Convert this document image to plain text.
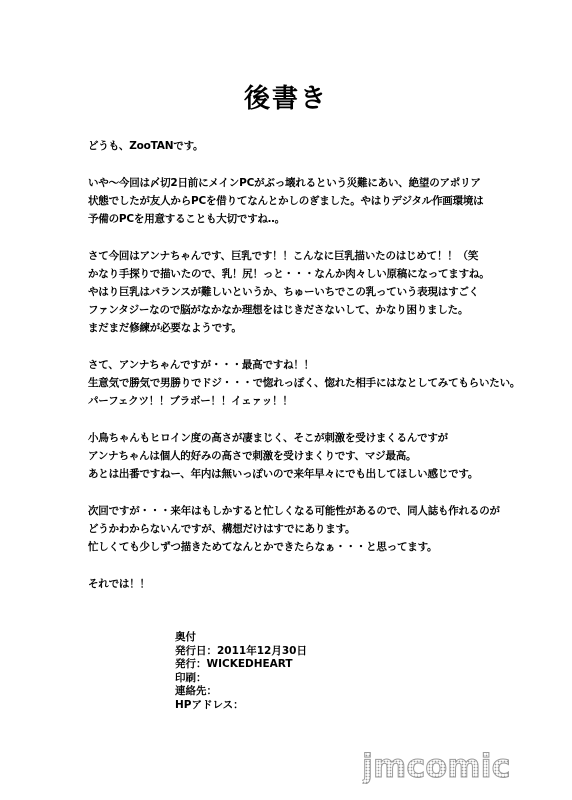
後書き
どうも、ZooTANです。
いや〜今回は〆切2日前にメインPCがぶっ壊れるという災難にあい、絶望のアポリア
状態でしたが友人からPCを借りてなんとかしのぎました。やはりデジタル作画環境は
予備のPCを用意することも大切ですね‥。
さて今回はアンナちゃんです、巨乳です！！こんなに巨乳描いたのはじめて！！（笑
かなり手探りで描いたので、乳！尻！っと・・・なんか肉々しい原稿になってますね。
やはり巨乳はバランスが難しいというか、ちゅーいちでこの乳っていう表現はすごく
ファンタジーなので脳がなかなか理想をはじきださないして、かなり困りました。
まだまだ修練が必要なようです。
さて、アンナちゃんですが・・・最高ですね！！
生意気で勝気で男勝りでドジ・・・で惚れっぽく、惚れた相手にはなとしてみてもらいたい。
パーフェクツ！！ブラボー！！イェァッ！！
小鳥ちゃんもヒロイン度の高さが凄まじく、そこが刺激を受けまくるんですが
アンナちゃんは個人的好みの高さで刺激を受けまくりです、マジ最高。
あとは出番ですねー、年内は無いっぽいので来年早々にでも出してほしい感じです。
次回ですが・・・来年はもしかすると忙しくなる可能性があるので、同人誌も作れるのが
どうかわからないんですが、構想だけはすでにあります。
忙しくても少しずつ描きためてなんとかできたらなぁ・・・と思ってます。
それでは！！
奥付
発行日：2011年12月30日
発行：WICKEDHEART
印刷：
連絡先：
HPアドレス：
jmcomic
